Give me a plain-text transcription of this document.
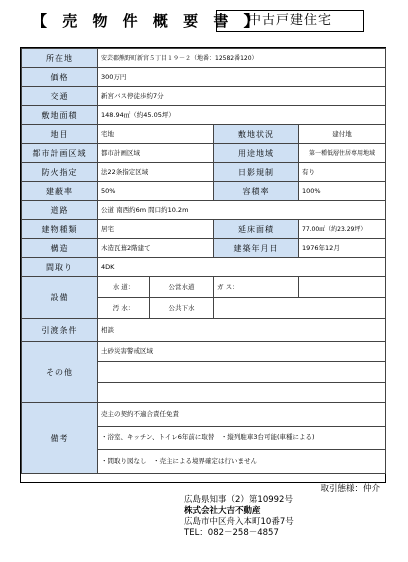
【 売 物 件 概 要 書 】
中古戸建住宅
所在地	安芸郡熊野町新宮５丁目１９－２（地番：12582番120）			
価格	300万円			
交通	新宮バス停徒歩約7分			
敷地面積	148.94㎡（約45.05坪）			
地目	宅地		敷地状況	建付地
都市計画区域	都市計画区域		用途地域	第一種低層住居専用地域
防火指定	法22条指定区域		日影規制	有り
建蔽率	50%		容積率	100%
道路	公道 南西約6m 間口約10.2m			
建物種類	居宅		延床面積	77.00㎡（約23.29坪）
構造	木造瓦葺2階建て		建築年月日	1976年12月
間取り	4DK			
設備	水 道：	公営水道	ガ ス：	
	汚 水：	公共下水		
引渡条件	相談			
その他	土砂災害警戒区域			

備考	売主の契約不適合責任免責			
	・浴室、キッチン、トイレ6年前に取替　・縦列駐車3台可能(車種による)			
	・間取り図なし　・売主による境界確定は行いません			
取引態様：仲介
広島県知事（2）第10992号
株式会社大吉不動産
広島市中区舟入本町10番7号
TEL：082－258－4857
